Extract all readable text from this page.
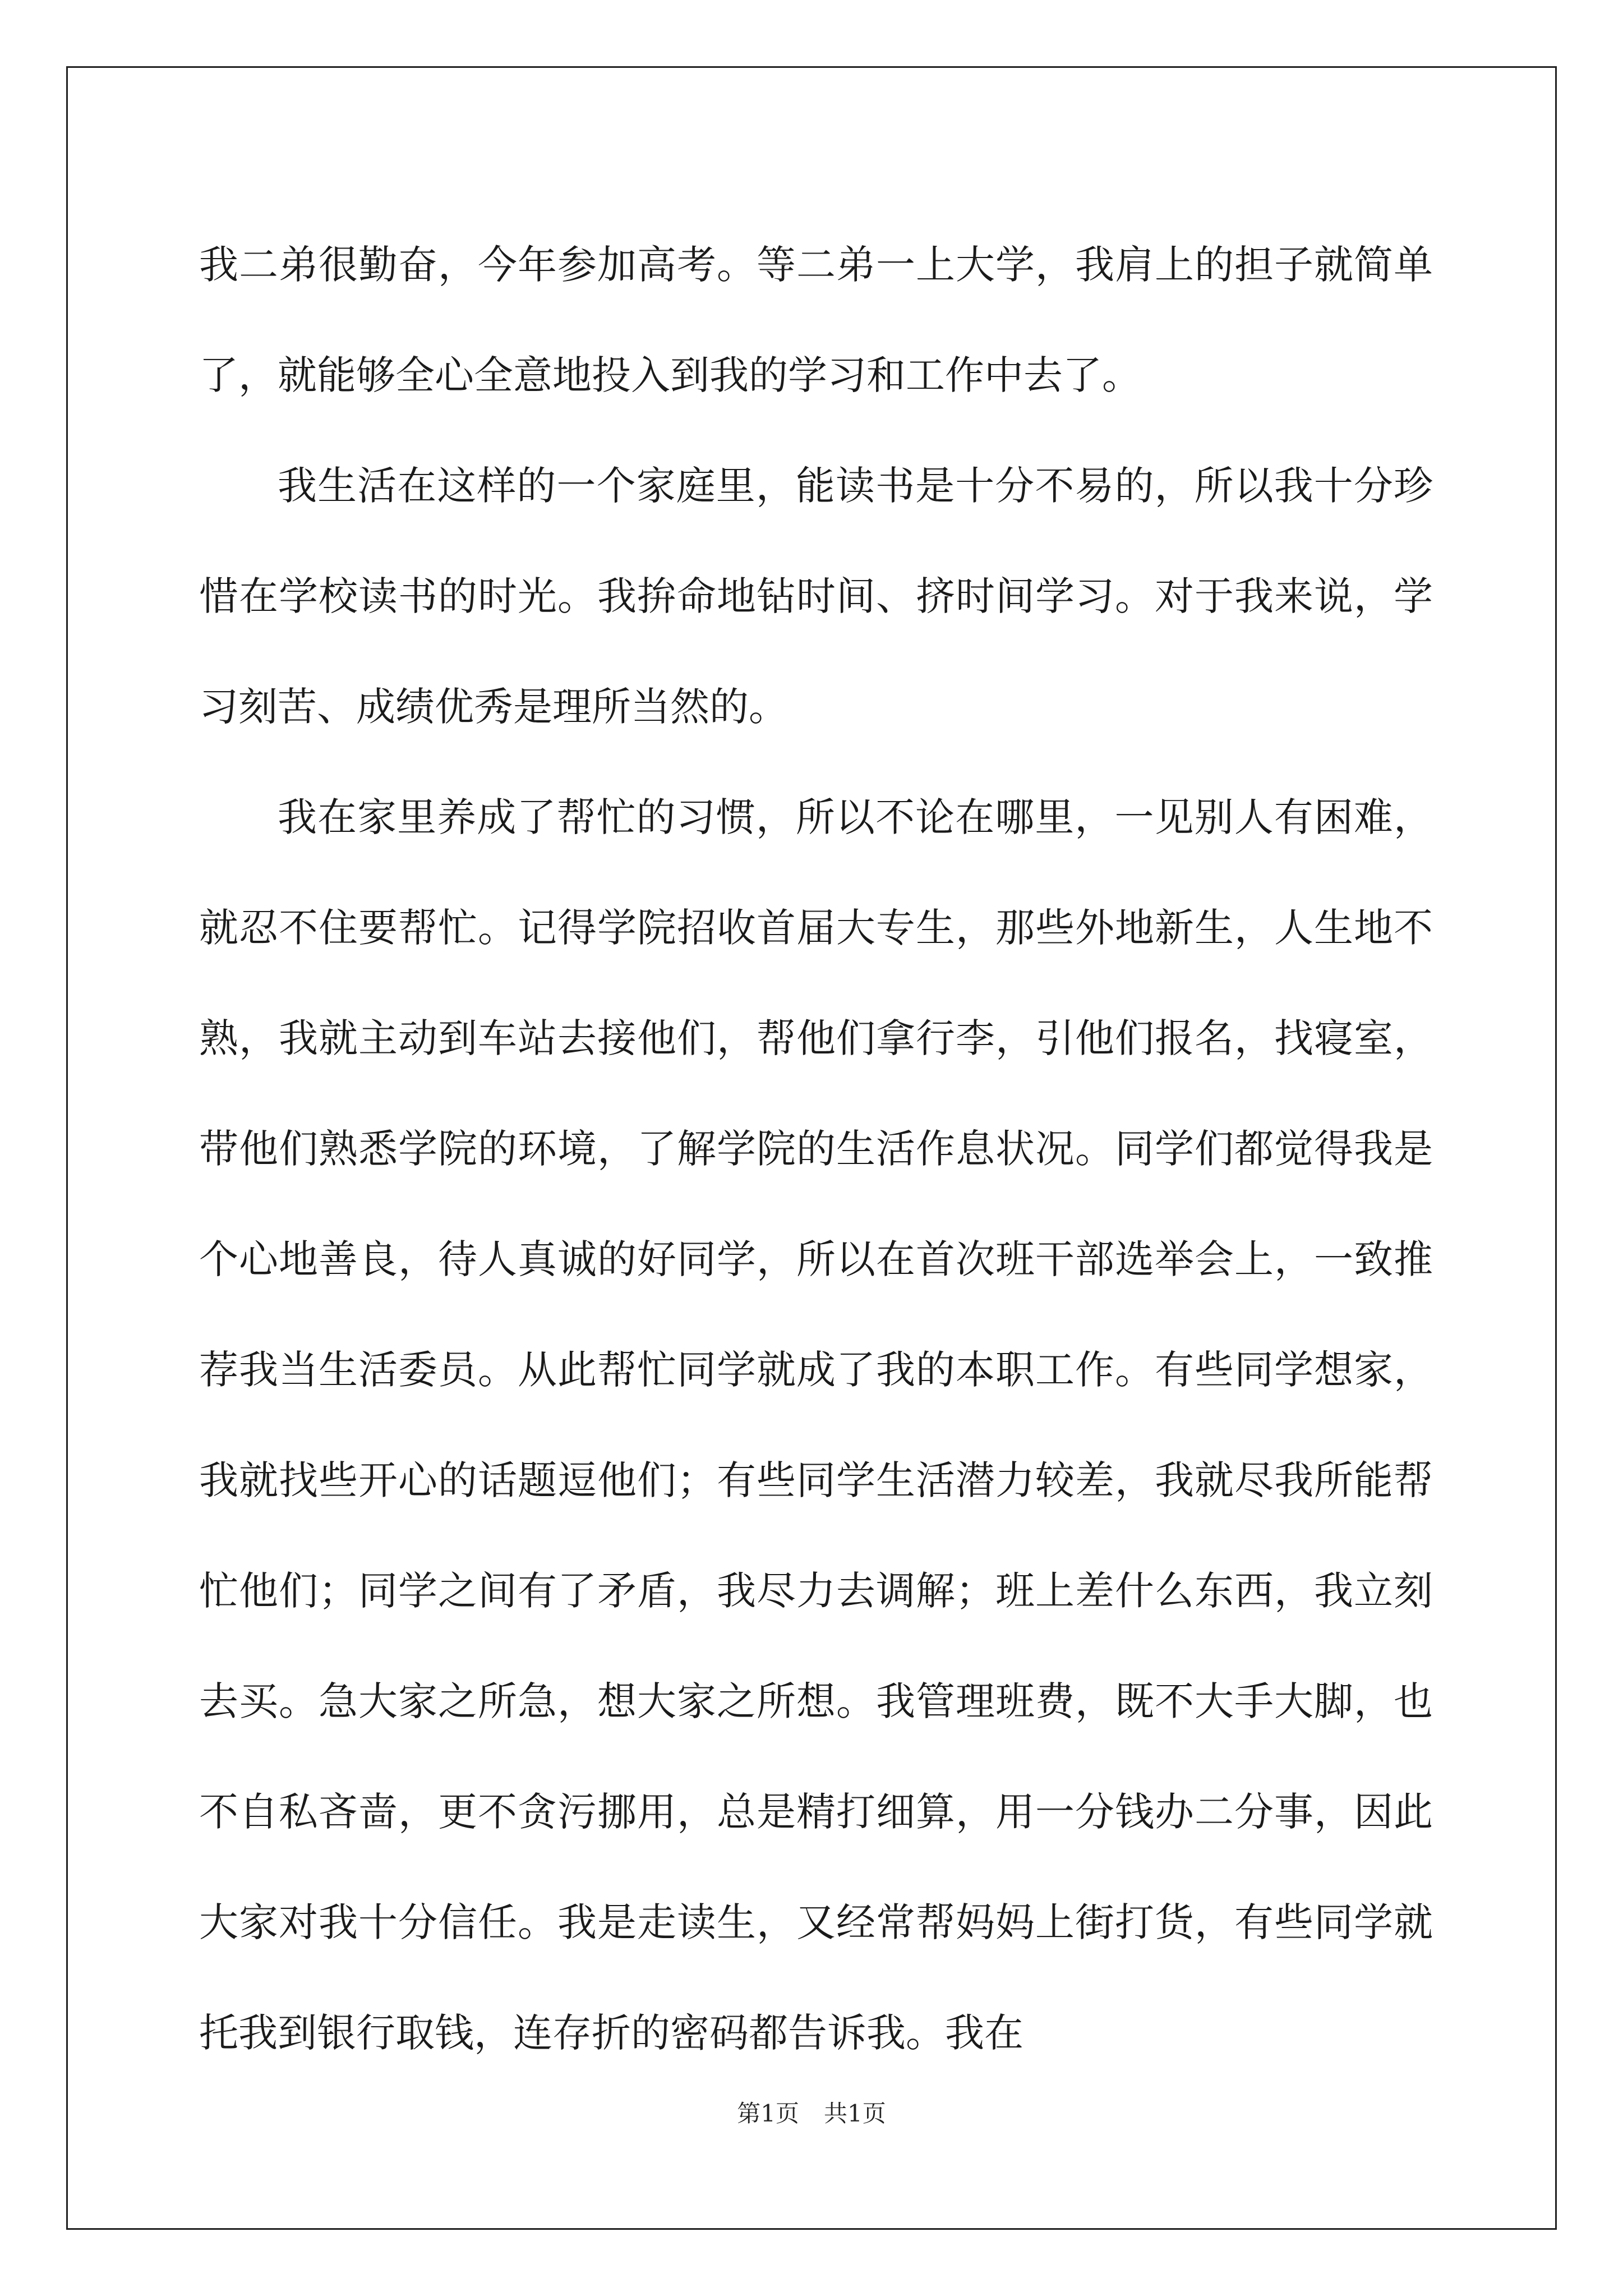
我二弟很勤奋，今年参加高考。等二弟一上大学，我肩上的担子就简单了，就能够全心全意地投入到我的学习和工作中去了。

我生活在这样的一个家庭里，能读书是十分不易的，所以我十分珍惜在学校读书的时光。我拚命地钻时间、挤时间学习。对于我来说，学习刻苦、成绩优秀是理所当然的。

我在家里养成了帮忙的习惯，所以不论在哪里，一见别人有困难，就忍不住要帮忙。记得学院招收首届大专生，那些外地新生，人生地不熟，我就主动到车站去接他们，帮他们拿行李，引他们报名，找寝室，带他们熟悉学院的环境，了解学院的生活作息状况。同学们都觉得我是个心地善良，待人真诚的好同学，所以在首次班干部选举会上，一致推荐我当生活委员。从此帮忙同学就成了我的本职工作。有些同学想家，我就找些开心的话题逗他们；有些同学生活潜力较差，我就尽我所能帮忙他们；同学之间有了矛盾，我尽力去调解；班上差什么东西，我立刻去买。急大家之所急，想大家之所想。我管理班费，既不大手大脚，也不自私吝啬，更不贪污挪用，总是精打细算，用一分钱办二分事，因此大家对我十分信任。我是走读生，又经常帮妈妈上街打货，有些同学就托我到银行取钱，连存折的密码都告诉我。我在

第1页 共1页
